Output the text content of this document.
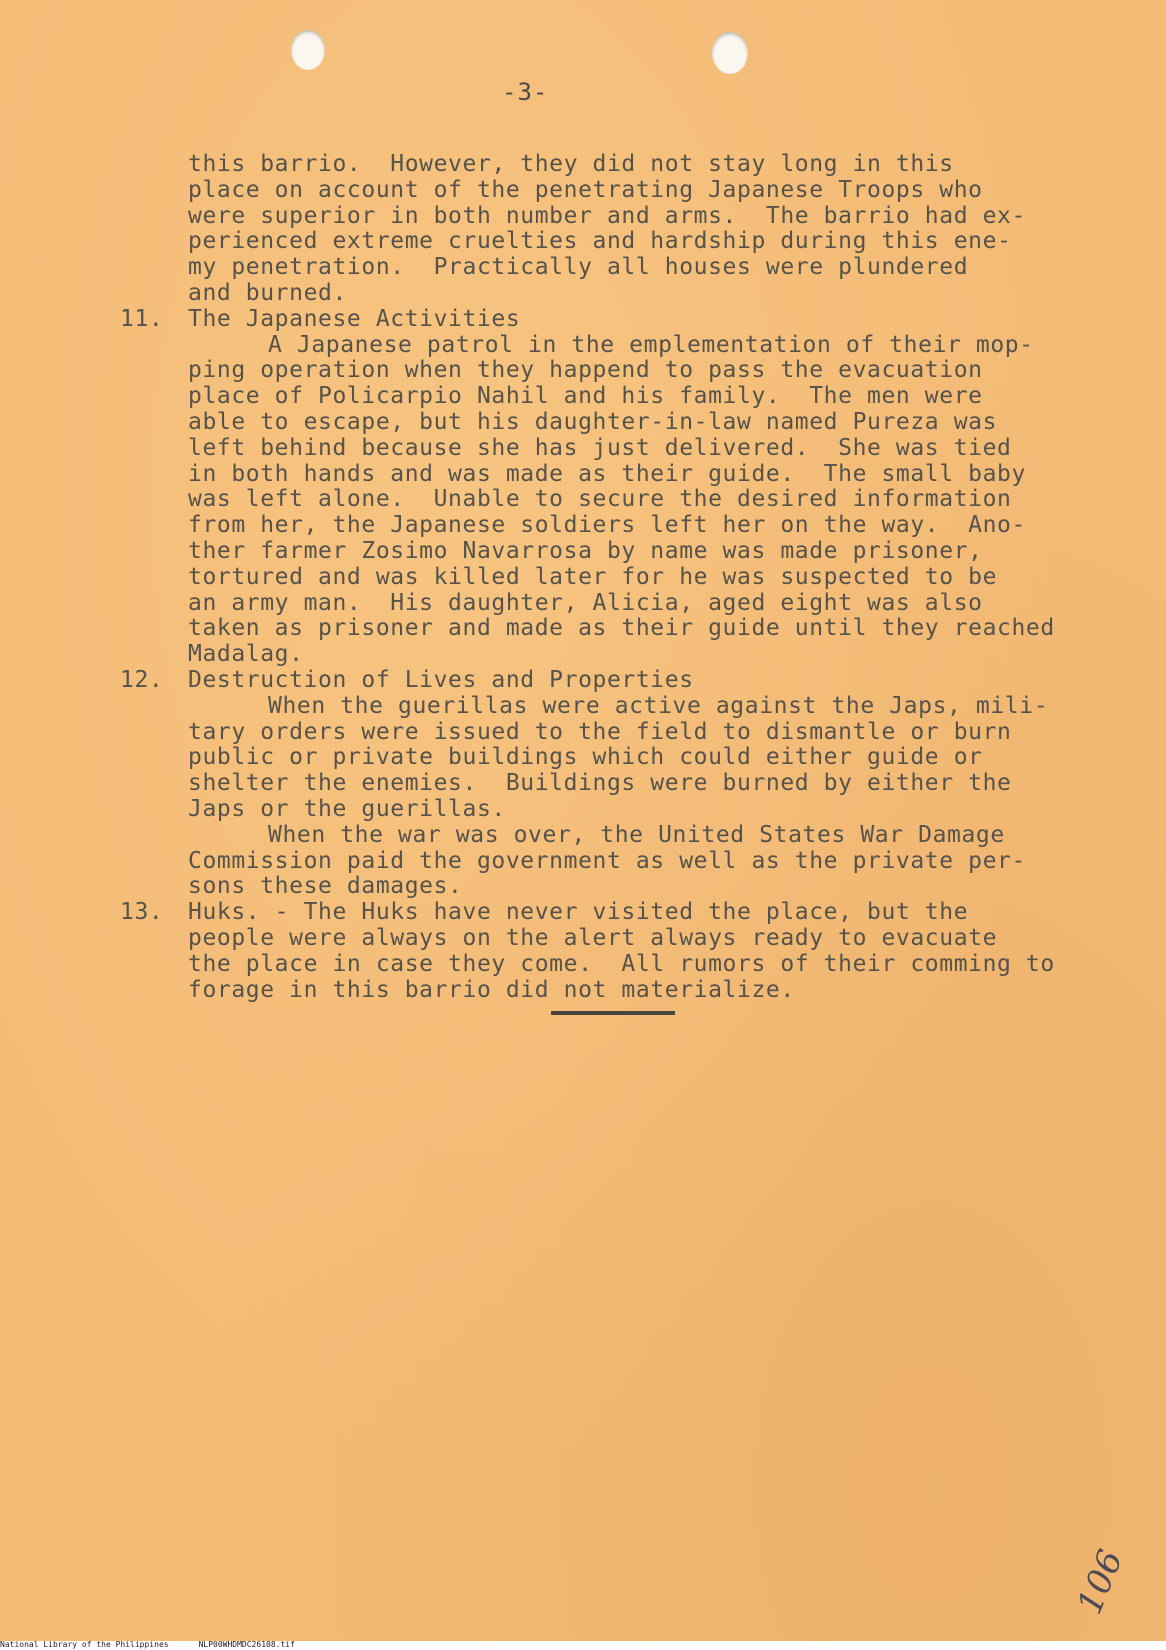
-3-
this barrio.  However, they did not stay long in this
place on account of the penetrating Japanese Troops who
were superior in both number and arms.  The barrio had ex-
perienced extreme cruelties and hardship during this ene-
my penetration.  Practically all houses were plundered
and burned.
11. The Japanese Activities
A Japanese patrol in the emplementation of their mop-
ping operation when they happend to pass the evacuation
place of Policarpio Nahil and his family.  The men were
able to escape, but his daughter-in-law named Pureza was
left behind because she has just delivered.  She was tied
in both hands and was made as their guide.  The small baby
was left alone.  Unable to secure the desired information
from her, the Japanese soldiers left her on the way.  Ano-
ther farmer Zosimo Navarrosa by name was made prisoner,
tortured and was killed later for he was suspected to be
an army man.  His daughter, Alicia, aged eight was also
taken as prisoner and made as their guide until they reached
Madalag.
12. Destruction of Lives and Properties
When the guerillas were active against the Japs, mili-
tary orders were issued to the field to dismantle or burn
public or private buildings which could either guide or
shelter the enemies.  Buildings were burned by either the
Japs or the guerillas.
When the war was over, the United States War Damage
Commission paid the government as well as the private per-
sons these damages.
13. Huks. - The Huks have never visited the place, but the
people were always on the alert always ready to evacuate
the place in case they come.  All rumors of their comming to
forage in this barrio did not materialize.
106
National Library of the Philippines	NLP00WHDMDC26108.tif
